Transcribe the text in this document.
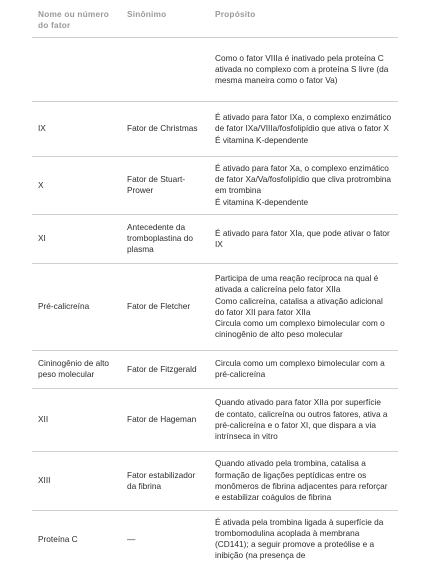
Nome ou número do fator	Sinônimo	Propósito

		Como o fator VIIIa é inativado pela proteína C ativada no complexo com a proteína S livre (da mesma maneira como o fator Va)

IX	Fator de Christmas	É ativado para fator IXa, o complexo enzimático de fator IXa/VIIIa/fosfolipídio que ativa o fator X
É vitamina K-dependente

X	Fator de Stuart-Prower	É ativado para fator Xa, o complexo enzimático de fator Xa/Va/fosfolipídio que cliva protrombina em trombina
É vitamina K-dependente

XI	Antecedente da tromboplastina do plasma	É ativado para fator XIa, que pode ativar o fator IX

Pré-calicreína	Fator de Fletcher	Participa de uma reação recíproca na qual é ativada a calicreína pelo fator XIIa
Como calicreína, catalisa a ativação adicional do fator XII para fator XIIa
Circula como um complexo bimolecular com o cininogênio de alto peso molecular

Cininogênio de alto peso molecular	Fator de Fitzgerald	Circula como um complexo bimolecular com a pré-calicreína

XII	Fator de Hageman	Quando ativado para fator XIIa por superfície de contato, calicreína ou outros fatores, ativa a pré-calicreína e o fator XI, que dispara a via intrínseca in vitro

XIII	Fator estabilizador da fibrina	Quando ativado pela trombina, catalisa a formação de ligações peptídicas entre os monômeros de fibrina adjacentes para reforçar e estabilizar coágulos de fibrina

Proteína C	—	É ativada pela trombina ligada à superfície da trombomodulina acoplada à membrana (CD141); a seguir promove a proteólise e a inibição (na presença de
